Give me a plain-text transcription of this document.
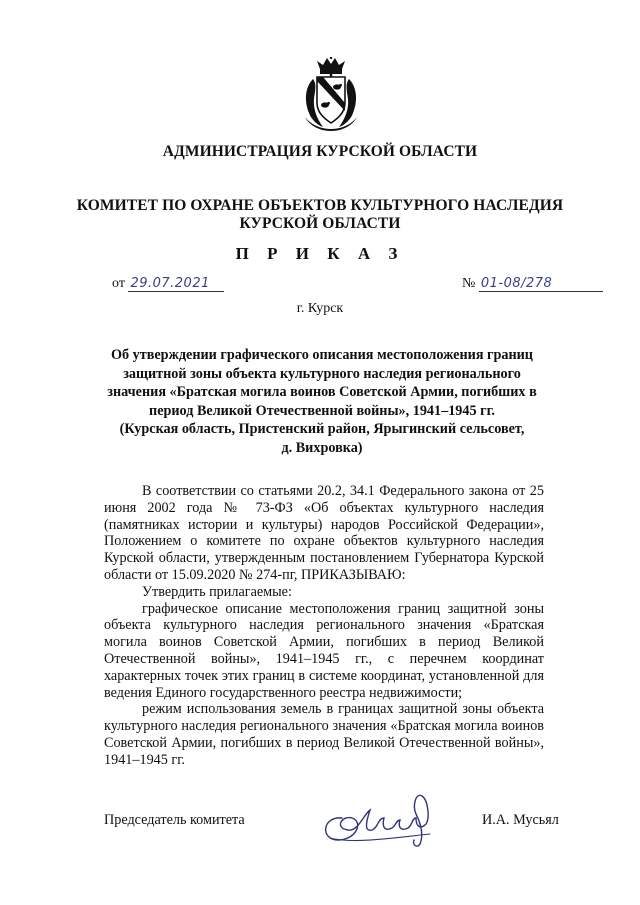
АДМИНИСТРАЦИЯ КУРСКОЙ ОБЛАСТИ
КОМИТЕТ ПО ОХРАНЕ ОБЪЕКТОВ КУЛЬТУРНОГО НАСЛЕДИЯ
КУРСКОЙ ОБЛАСТИ
П Р И К А З
от 29.07.2021	№ 01-08/278
г. Курск
Об утверждении графического описания местоположения границ
защитной зоны объекта культурного наследия регионального
значения «Братская могила воинов Советской Армии, погибших в
период Великой Отечественной войны», 1941–1945 гг.
(Курская область, Пристенский район, Ярыгинский сельсовет,
д. Вихровка)

В соответствии со статьями 20.2, 34.1 Федерального закона от 25 июня 2002 года № 73-ФЗ «Об объектах культурного наследия (памятниках истории и культуры) народов Российской Федерации», Положением о комитете по охране объектов культурного наследия Курской области, утвержденным постановлением Губернатора Курской области от 15.09.2020 № 274-пг, ПРИКАЗЫВАЮ:

Утвердить прилагаемые:

графическое описание местоположения границ защитной зоны объекта культурного наследия регионального значения «Братская могила воинов Советской Армии, погибших в период Великой Отечественной войны», 1941–1945 гг., с перечнем координат характерных точек этих границ в системе координат, установленной для ведения Единого государственного реестра недвижимости;

режим использования земель в границах защитной зоны объекта культурного наследия регионального значения «Братская могила воинов Советской Армии, погибших в период Великой Отечественной войны», 1941–1945 гг.

Председатель комитета	И.А. Мусьял
